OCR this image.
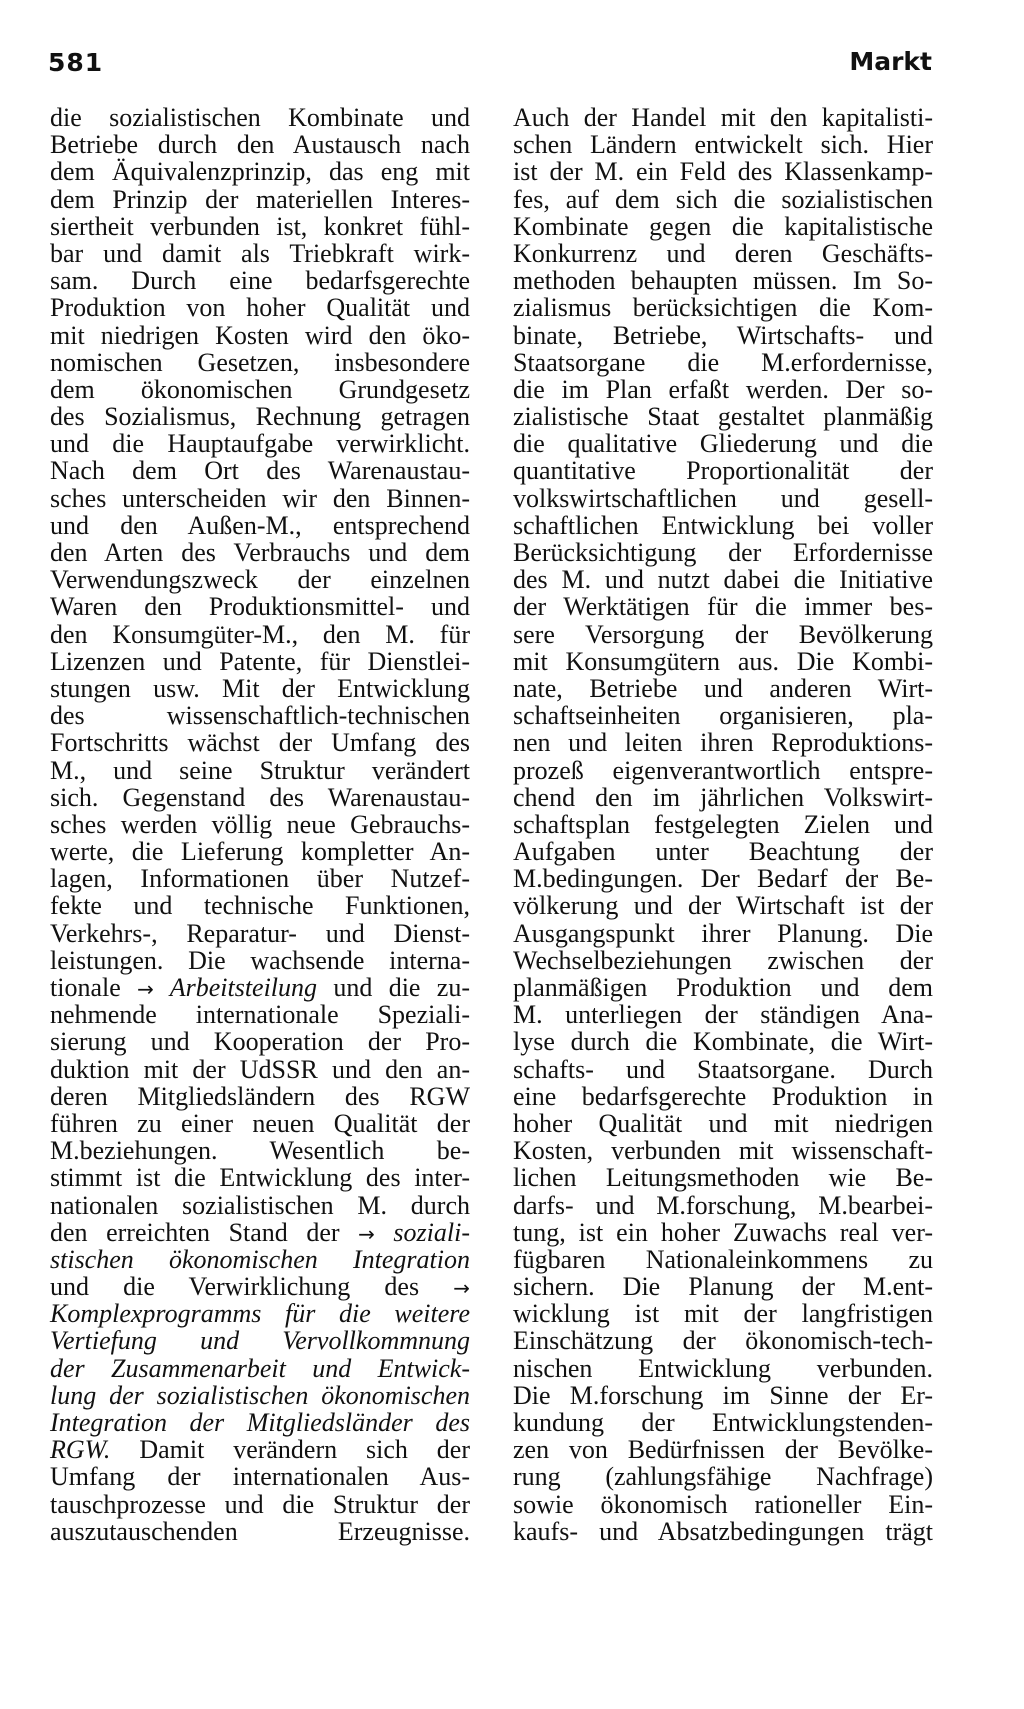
581	Markt
die sozialistischen Kombinate und
Betriebe durch den Austausch nach
dem Äquivalenzprinzip, das eng mit
dem Prinzip der materiellen Interes-
siertheit verbunden ist, konkret fühl-
bar und damit als Triebkraft wirk-
sam. Durch eine bedarfsgerechte
Produktion von hoher Qualität und
mit niedrigen Kosten wird den öko-
nomischen Gesetzen, insbesondere
dem ökonomischen Grundgesetz
des Sozialismus, Rechnung getragen
und die Hauptaufgabe verwirklicht.
Nach dem Ort des Warenaustau-
sches unterscheiden wir den Binnen-
und den Außen-M., entsprechend
den Arten des Verbrauchs und dem
Verwendungszweck der einzelnen
Waren den Produktionsmittel- und
den Konsumgüter-M., den M. für
Lizenzen und Patente, für Dienstlei-
stungen usw. Mit der Entwicklung
des wissenschaftlich-technischen
Fortschritts wächst der Umfang des
M., und seine Struktur verändert
sich. Gegenstand des Warenaustau-
sches werden völlig neue Gebrauchs-
werte, die Lieferung kompletter An-
lagen, Informationen über Nutzef-
fekte und technische Funktionen,
Verkehrs-, Reparatur- und Dienst-
leistungen. Die wachsende interna-
tionale → Arbeitsteilung und die zu-
nehmende internationale Speziali-
sierung und Kooperation der Pro-
duktion mit der UdSSR und den an-
deren Mitgliedsländern des RGW
führen zu einer neuen Qualität der
M.beziehungen. Wesentlich be-
stimmt ist die Entwicklung des inter-
nationalen sozialistischen M. durch
den erreichten Stand der → soziali-
stischen ökonomischen Integration
und die Verwirklichung des →
Komplexprogramms für die weitere
Vertiefung und Vervollkommnung
der Zusammenarbeit und Entwick-
lung der sozialistischen ökonomischen
Integration der Mitgliedsländer des
RGW. Damit verändern sich der
Umfang der internationalen Aus-
tauschprozesse und die Struktur der
auszutauschenden Erzeugnisse.
Auch der Handel mit den kapitalisti-
schen Ländern entwickelt sich. Hier
ist der M. ein Feld des Klassenkamp-
fes, auf dem sich die sozialistischen
Kombinate gegen die kapitalistische
Konkurrenz und deren Geschäfts-
methoden behaupten müssen. Im So-
zialismus berücksichtigen die Kom-
binate, Betriebe, Wirtschafts- und
Staatsorgane die M.erfordernisse,
die im Plan erfaßt werden. Der so-
zialistische Staat gestaltet planmäßig
die qualitative Gliederung und die
quantitative Proportionalität der
volkswirtschaftlichen und gesell-
schaftlichen Entwicklung bei voller
Berücksichtigung der Erfordernisse
des M. und nutzt dabei die Initiative
der Werktätigen für die immer bes-
sere Versorgung der Bevölkerung
mit Konsumgütern aus. Die Kombi-
nate, Betriebe und anderen Wirt-
schaftseinheiten organisieren, pla-
nen und leiten ihren Reproduktions-
prozeß eigenverantwortlich entspre-
chend den im jährlichen Volkswirt-
schaftsplan festgelegten Zielen und
Aufgaben unter Beachtung der
M.bedingungen. Der Bedarf der Be-
völkerung und der Wirtschaft ist der
Ausgangspunkt ihrer Planung. Die
Wechselbeziehungen zwischen der
planmäßigen Produktion und dem
M. unterliegen der ständigen Ana-
lyse durch die Kombinate, die Wirt-
schafts- und Staatsorgane. Durch
eine bedarfsgerechte Produktion in
hoher Qualität und mit niedrigen
Kosten, verbunden mit wissenschaft-
lichen Leitungsmethoden wie Be-
darfs- und M.forschung, M.bearbei-
tung, ist ein hoher Zuwachs real ver-
fügbaren Nationaleinkommens zu
sichern. Die Planung der M.ent-
wicklung ist mit der langfristigen
Einschätzung der ökonomisch-tech-
nischen Entwicklung verbunden.
Die M.forschung im Sinne der Er-
kundung der Entwicklungstenden-
zen von Bedürfnissen der Bevölke-
rung (zahlungsfähige Nachfrage)
sowie ökonomisch rationeller Ein-
kaufs- und Absatzbedingungen trägt
